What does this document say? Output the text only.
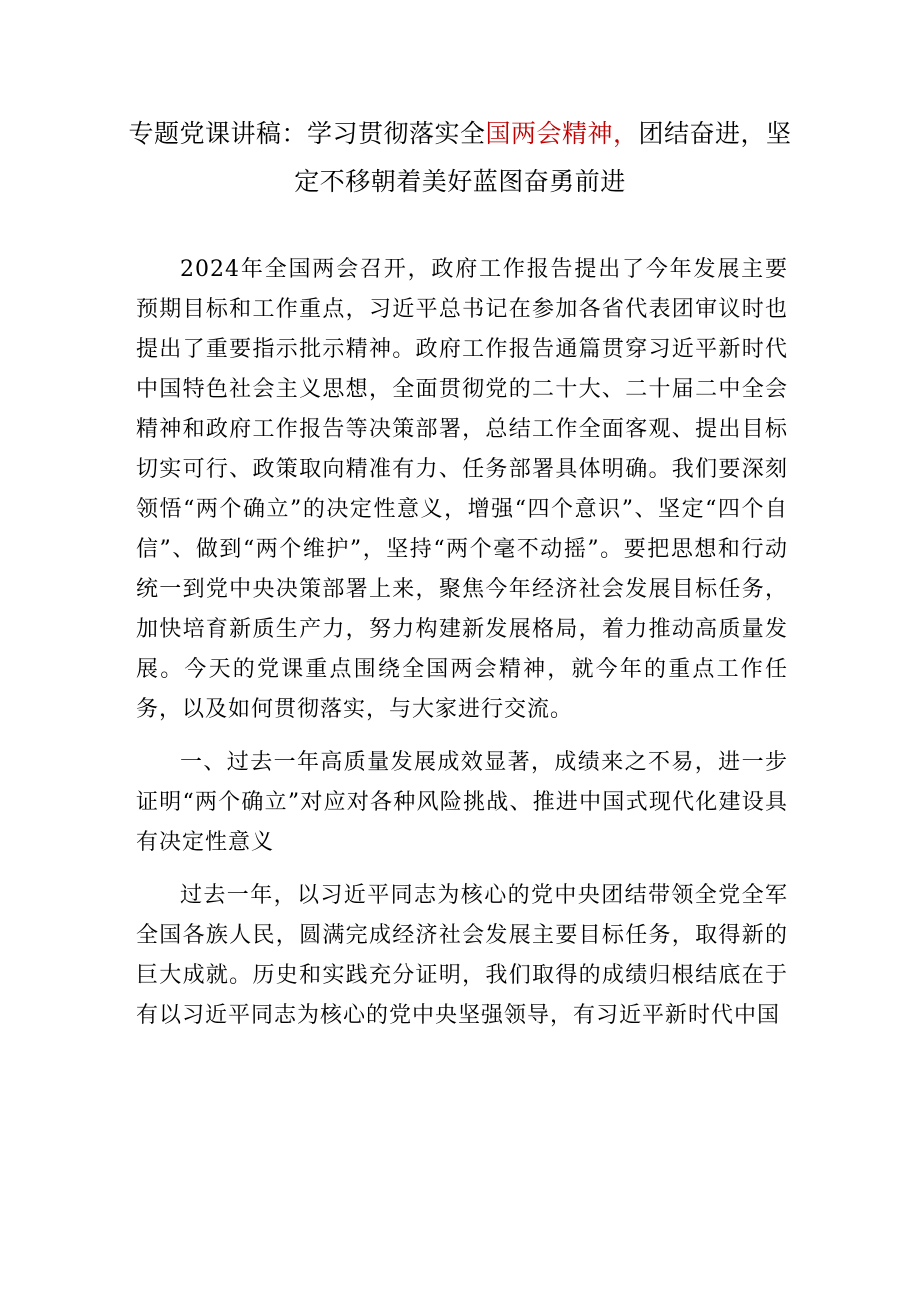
专题党课讲稿：学习贯彻落实全国两会精神，团结奋进，坚定不移朝着美好蓝图奋勇前进

2024年全国两会召开，政府工作报告提出了今年发展主要预期目标和工作重点，习近平总书记在参加各省代表团审议时也提出了重要指示批示精神。政府工作报告通篇贯穿习近平新时代中国特色社会主义思想，全面贯彻党的二十大、二十届二中全会精神和政府工作报告等决策部署，总结工作全面客观、提出目标切实可行、政策取向精准有力、任务部署具体明确。我们要深刻领悟“两个确立”的决定性意义，增强“四个意识”、坚定“四个自信”、做到“两个维护”，坚持“两个毫不动摇”。要把思想和行动统一到党中央决策部署上来，聚焦今年经济社会发展目标任务，加快培育新质生产力，努力构建新发展格局，着力推动高质量发展。今天的党课重点围绕全国两会精神，就今年的重点工作任务，以及如何贯彻落实，与大家进行交流。

一、过去一年高质量发展成效显著，成绩来之不易，进一步证明“两个确立”对应对各种风险挑战、推进中国式现代化建设具有决定性意义

过去一年，以习近平同志为核心的党中央团结带领全党全军全国各族人民，圆满完成经济社会发展主要目标任务，取得新的巨大成就。历史和实践充分证明，我们取得的成绩归根结底在于有以习近平同志为核心的党中央坚强领导，有习近平新时代中国
